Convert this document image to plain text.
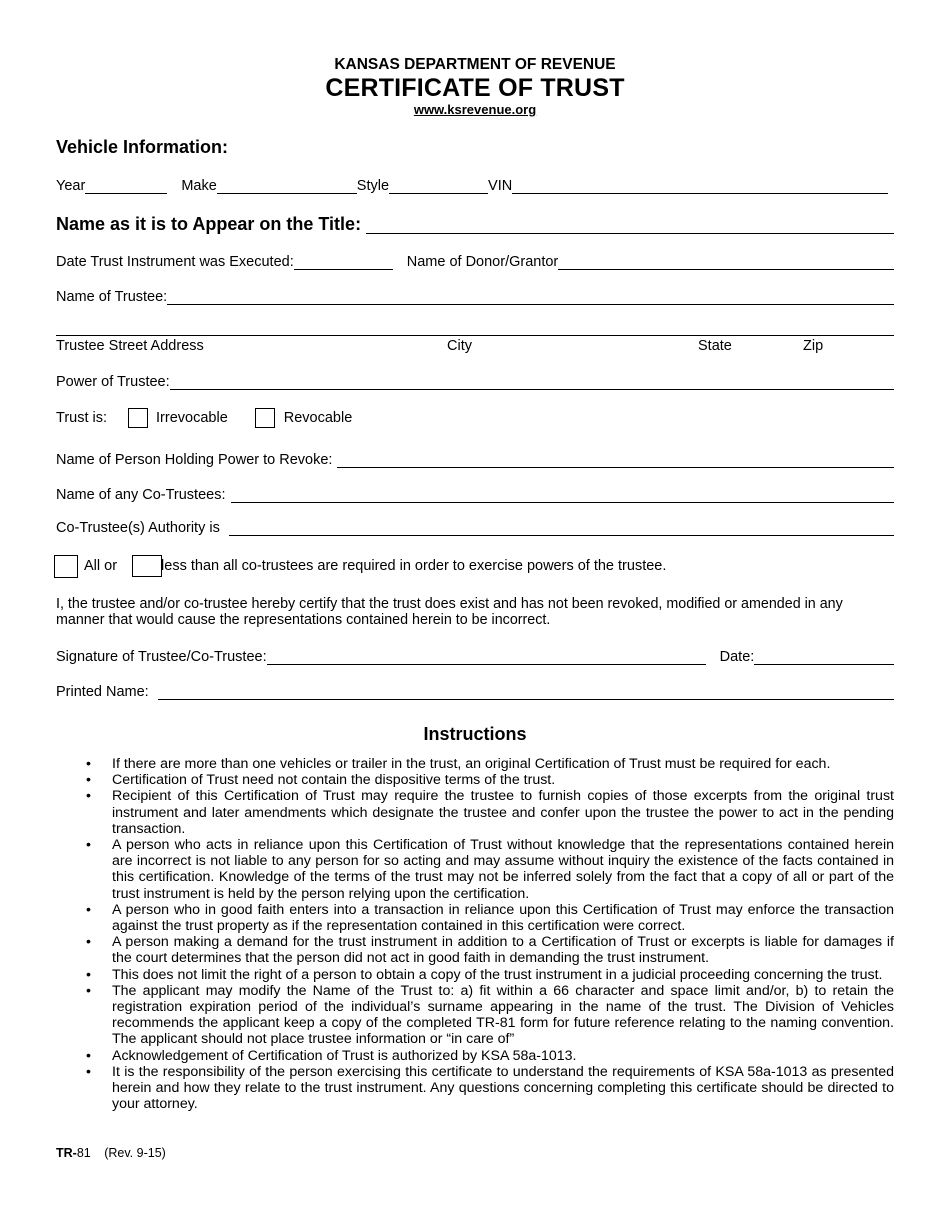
KANSAS DEPARTMENT OF REVENUE
CERTIFICATE OF TRUST
www.ksrevenue.org
Vehicle Information:
Year	Make	Style	VIN
Name as it is to Appear on the Title:
Date Trust Instrument was Executed:	Name of Donor/Grantor
Name of Trustee:
Trustee Street Address	City	State	Zip
Power of Trustee:
Trust is:	Irrevocable	Revocable
Name of Person Holding Power to Revoke:
Name of any Co-Trustees:
Co-Trustee(s) Authority is
All or	less than all co-trustees are required in order to exercise powers of the trustee.
I, the trustee and/or co-trustee hereby certify that the trust does exist and has not been revoked, modified or amended in any manner that would cause the representations contained herein to be incorrect.
Signature of Trustee/Co-Trustee:	Date:
Printed Name:
Instructions
• If there are more than one vehicles or trailer in the trust, an original Certification of Trust must be required for each.
• Certification of Trust need not contain the dispositive terms of the trust.
• Recipient of this Certification of Trust may require the trustee to furnish copies of those excerpts from the original trust instrument and later amendments which designate the trustee and confer upon the trustee the power to act in the pending transaction.
• A person who acts in reliance upon this Certification of Trust without knowledge that the representations contained herein are incorrect is not liable to any person for so acting and may assume without inquiry the existence of the facts contained in this certification. Knowledge of the terms of the trust may not be inferred solely from the fact that a copy of all or part of the trust instrument is held by the person relying upon the certification.
• A person who in good faith enters into a transaction in reliance upon this Certification of Trust may enforce the transaction against the trust property as if the representation contained in this certification were correct.
• A person making a demand for the trust instrument in addition to a Certification of Trust or excerpts is liable for damages if the court determines that the person did not act in good faith in demanding the trust instrument.
• This does not limit the right of a person to obtain a copy of the trust instrument in a judicial proceeding concerning the trust.
• The applicant may modify the Name of the Trust to: a) fit within a 66 character and space limit and/or, b) to retain the registration expiration period of the individual’s surname appearing in the name of the trust. The Division of Vehicles recommends the applicant keep a copy of the completed TR-81 form for future reference relating to the naming convention. The applicant should not place trustee information or “in care of”
• Acknowledgement of Certification of Trust is authorized by KSA 58a-1013.
• It is the responsibility of the person exercising this certificate to understand the requirements of KSA 58a-1013 as presented herein and how they relate to the trust instrument. Any questions concerning completing this certificate should be directed to your attorney.
TR-81 (Rev. 9-15)
